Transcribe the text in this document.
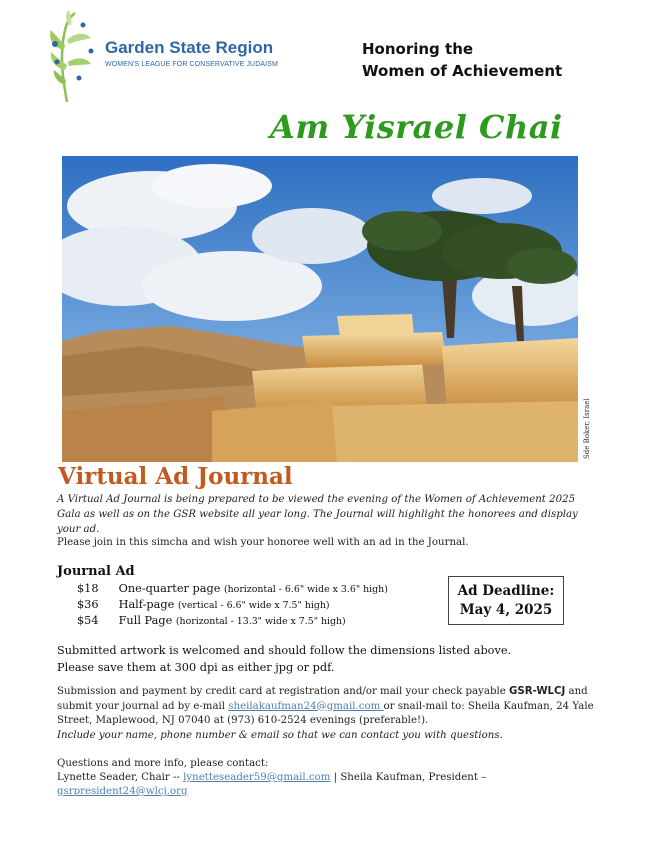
Garden State Region
WOMEN'S LEAGUE FOR CONSERVATIVE JUDAISM
Honoring the
Women of Achievement
Am Yisrael Chai
Sde Boker, Israel
Virtual Ad Journal
A Virtual Ad Journal is being prepared to be viewed the evening of the Women of Achievement 2025 Gala as well as on the GSR website all year long. The Journal will highlight the honorees and display your ad.
Please join in this simcha and wish your honoree well with an ad in the Journal.
Journal Ad
$18 One-quarter page (horizontal - 6.6" wide x 3.6" high)
$36 Half-page (vertical - 6.6" wide x 7.5" high)
$54 Full Page (horizontal - 13.3" wide x 7.5" high)
Ad Deadline:
May 4, 2025
Submitted artwork is welcomed and should follow the dimensions listed above.
Please save them at 300 dpi as either jpg or pdf.
Submission and payment by credit card at registration and/or mail your check payable GSR-WLCJ and submit your journal ad by e-mail sheilakaufman24@gmail.com or snail-mail to: Sheila Kaufman, 24 Yale Street, Maplewood, NJ 07040 at (973) 610-2524 evenings (preferable!).
Include your name, phone number & email so that we can contact you with questions.
Questions and more info, please contact:
Lynette Seader, Chair -- lynetteseader59@gmail.com | Sheila Kaufman, President – gsrpresident24@wlcj.org
